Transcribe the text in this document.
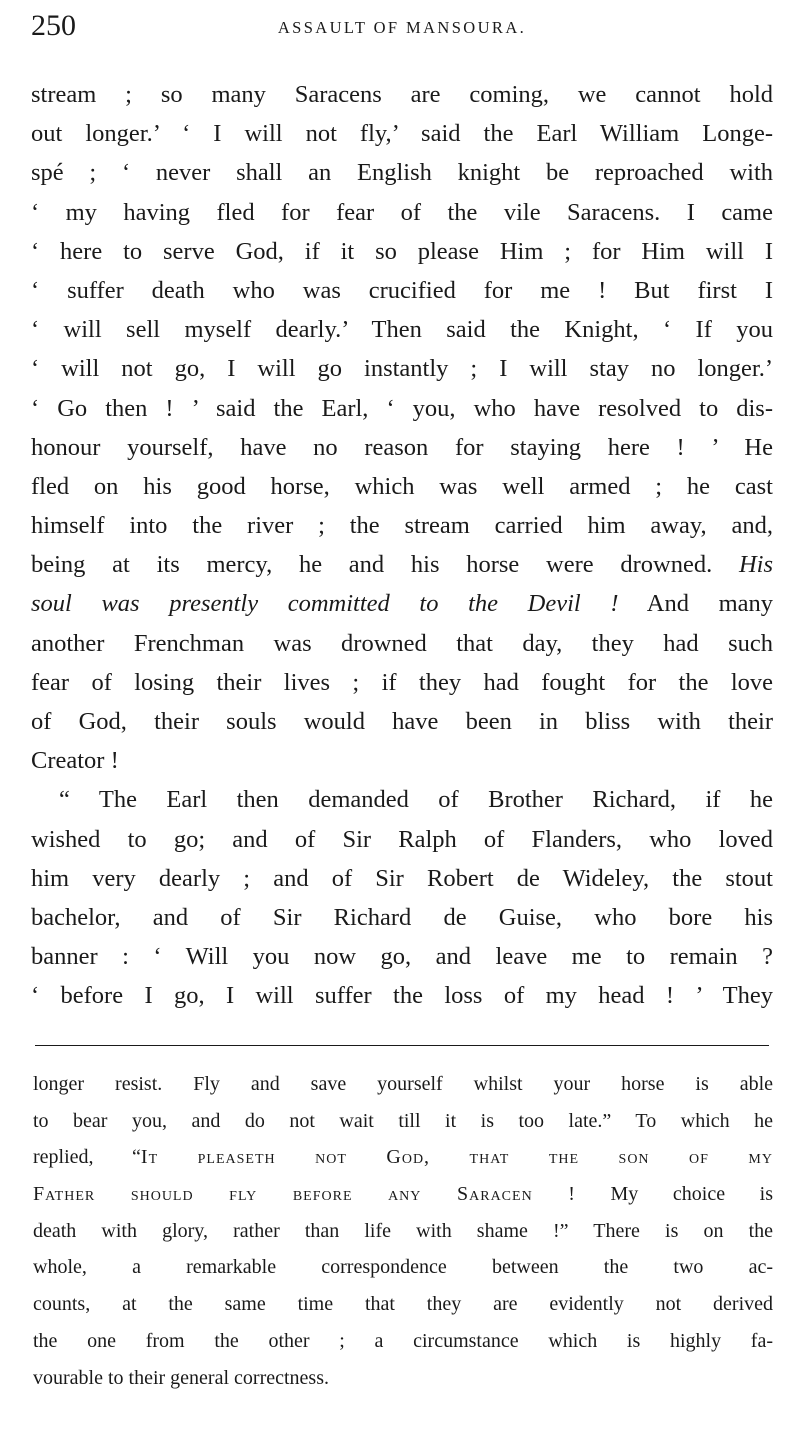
250	ASSAULT OF MANSOURA.
stream ; so many Saracens are coming, we cannot hold
out longer.’ ‘ I will not fly,’ said the Earl William Longe-
spé ; ‘ never shall an English knight be reproached with
‘ my having fled for fear of the vile Saracens. I came
‘ here to serve God, if it so please Him ; for Him will I
‘ suffer death who was crucified for me ! But first I
‘ will sell myself dearly.’ Then said the Knight, ‘ If you
‘ will not go, I will go instantly ; I will stay no longer.’
‘ Go then ! ’ said the Earl, ‘ you, who have resolved to dis-
honour yourself, have no reason for staying here ! ’ He
fled on his good horse, which was well armed ; he cast
himself into the river ; the stream carried him away, and,
being at its mercy, he and his horse were drowned. His
soul was presently committed to the Devil ! And many
another Frenchman was drowned that day, they had such
fear of losing their lives ; if they had fought for the love
of God, their souls would have been in bliss with their
Creator !
“ The Earl then demanded of Brother Richard, if he
wished to go; and of Sir Ralph of Flanders, who loved
him very dearly ; and of Sir Robert de Wideley, the stout
bachelor, and of Sir Richard de Guise, who bore his
banner : ‘ Will you now go, and leave me to remain ?
‘ before I go, I will suffer the loss of my head ! ’ They
longer resist. Fly and save yourself whilst your horse is able
to bear you, and do not wait till it is too late.” To which he
replied, “It pleaseth not God, that the son of my
Father should fly before any Saracen ! My choice is
death with glory, rather than life with shame !” There is on the
whole, a remarkable correspondence between the two ac-
counts, at the same time that they are evidently not derived
the one from the other ; a circumstance which is highly fa-
vourable to their general correctness.
